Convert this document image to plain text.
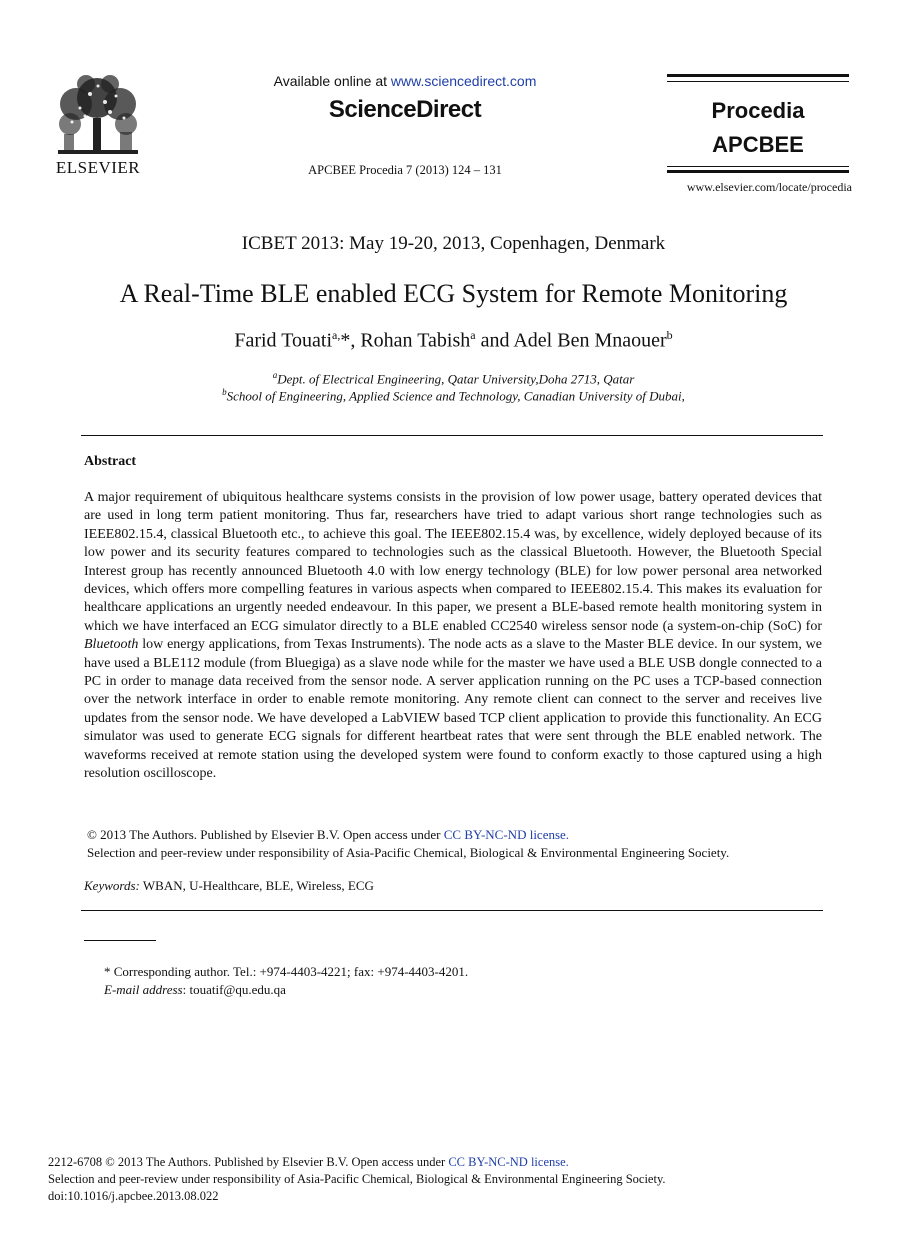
ELSEVIER
Available online at www.sciencedirect.com
ScienceDirect
APCBEE Procedia 7 (2013) 124 – 131
Procedia
APCBEE
www.elsevier.com/locate/procedia
ICBET 2013: May 19-20, 2013, Copenhagen, Denmark
A Real-Time BLE enabled ECG System for Remote Monitoring
Farid Touati$^{a,}$*, Rohan Tabish$^a$ and Adel Ben Mnaouer$^b$
$^a$Dept. of Electrical Engineering, Qatar University,Doha 2713, Qatar
$^b$School of Engineering, Applied Science and Technology, Canadian University of Dubai,
Abstract
A major requirement of ubiquitous healthcare systems consists in the provision of low power usage, battery operated devices that are used in long term patient monitoring. Thus far, researchers have tried to adapt various short range technologies such as IEEE802.15.4, classical Bluetooth etc., to achieve this goal. The IEEE802.15.4 was, by excellence, widely deployed because of its low power and its security features compared to technologies such as the classical Bluetooth. However, the Bluetooth Special Interest group has recently announced Bluetooth 4.0 with low energy technology (BLE) for low power personal area networked devices, which offers more compelling features in various aspects when compared to IEEE802.15.4. This makes its evaluation for healthcare applications an urgently needed endeavour. In this paper, we present a BLE-based remote health monitoring system in which we have interfaced an ECG simulator directly to a BLE enabled CC2540 wireless sensor node (a system-on-chip (SoC) for Bluetooth low energy applications, from Texas Instruments). The node acts as a slave to the Master BLE device. In our system, we have used a BLE112 module (from Bluegiga) as a slave node while for the master we have used a BLE USB dongle connected to a PC in order to manage data received from the sensor node. A server application running on the PC uses a TCP-based connection over the network interface in order to enable remote monitoring. Any remote client can connect to the server and receives live updates from the sensor node. We have developed a LabVIEW based TCP client application to provide this functionality. An ECG simulator was used to generate ECG signals for different heartbeat rates that were sent through the BLE enabled network. The waveforms received at remote station using the developed system were found to conform exactly to those captured using a high resolution oscilloscope.
© 2013 The Authors. Published by Elsevier B.V. Open access under CC BY-NC-ND license.
Selection and peer-review under responsibility of Asia-Pacific Chemical, Biological & Environmental Engineering Society.
Keywords: WBAN, U-Healthcare, BLE, Wireless, ECG
* Corresponding author. Tel.: +974-4403-4221; fax: +974-4403-4201.
E-mail address: touatif@qu.edu.qa
2212-6708 © 2013 The Authors. Published by Elsevier B.V. Open access under CC BY-NC-ND license.
Selection and peer-review under responsibility of Asia-Pacific Chemical, Biological & Environmental Engineering Society.
doi:10.1016/j.apcbee.2013.08.022
